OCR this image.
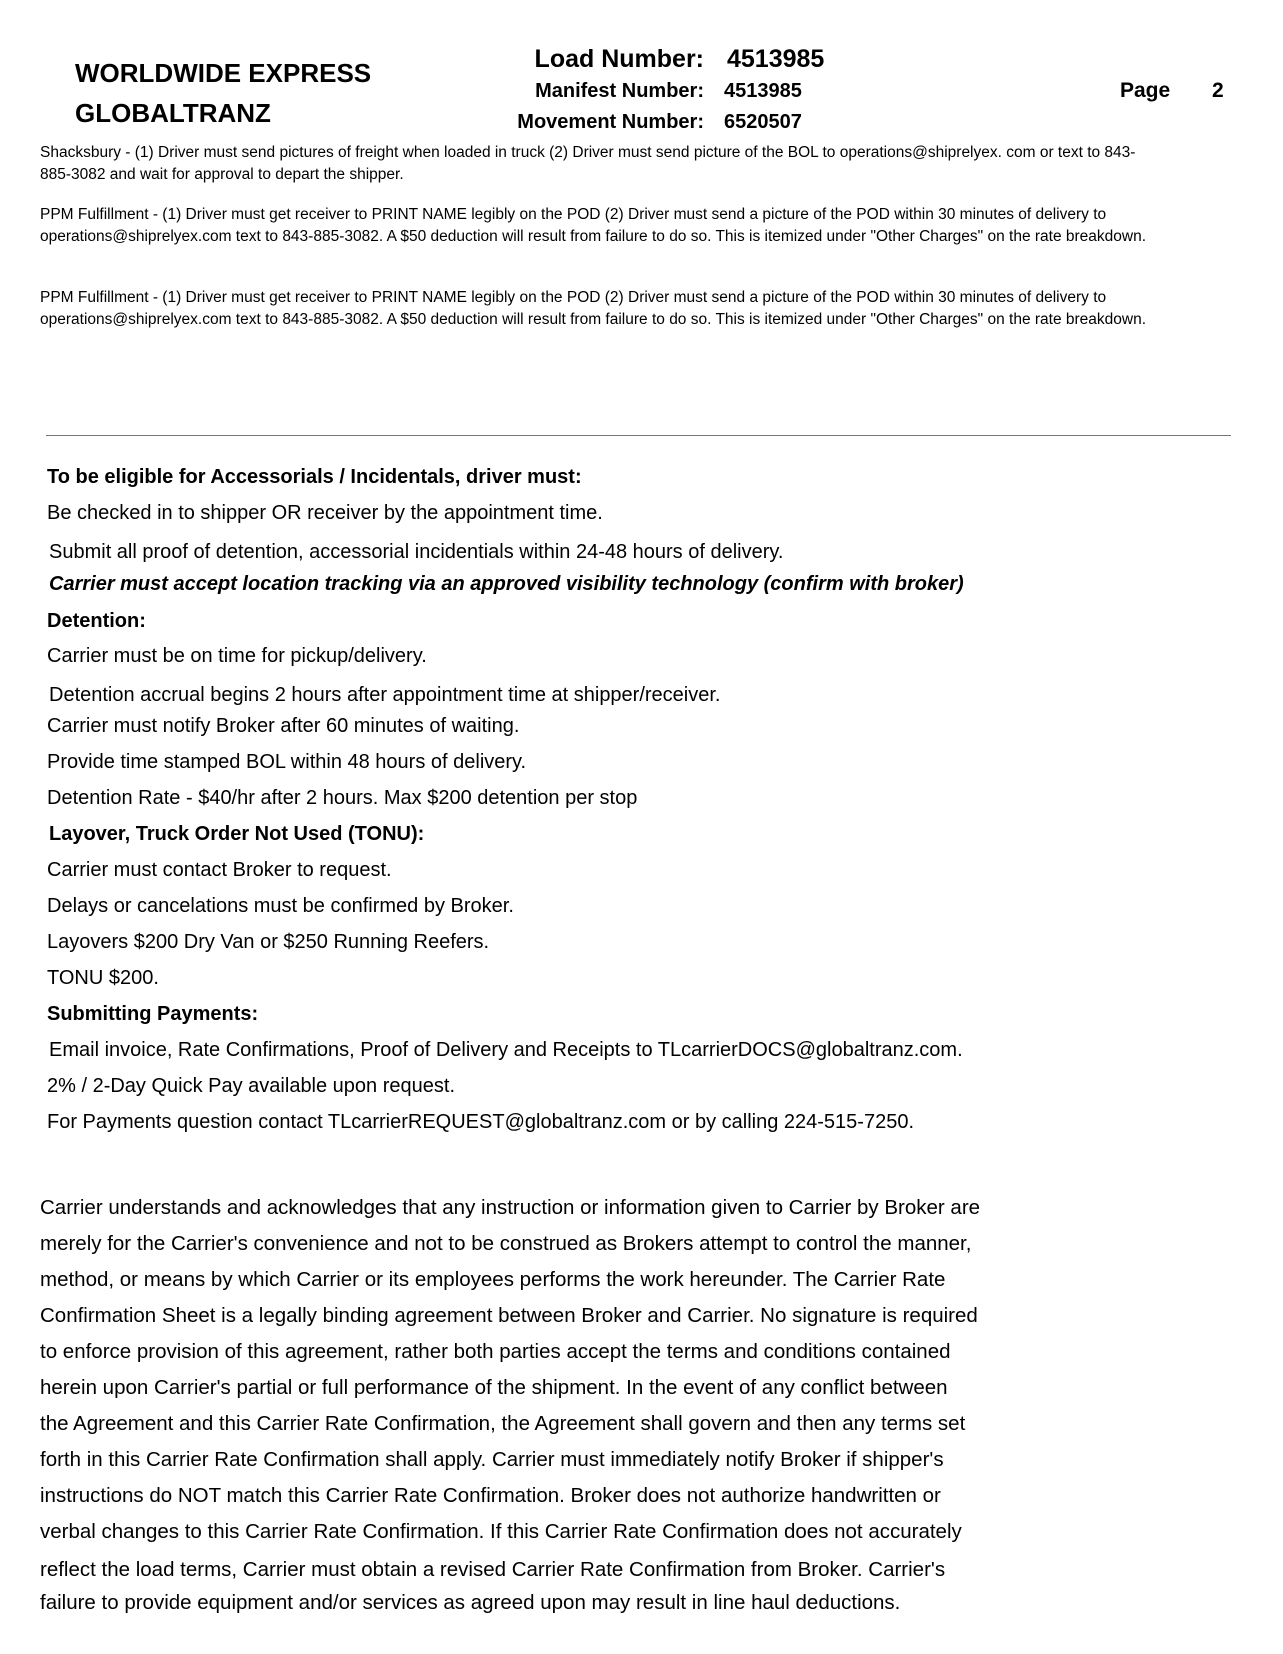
WORLDWIDE EXPRESS
GLOBALTRANZ
Load Number: 4513985
Manifest Number: 4513985
Movement Number: 6520507
Page 2
Shacksbury - (1) Driver must send pictures of freight when loaded in truck (2) Driver must send picture of the BOL to operations@shiprelyex. com or text to 843-885-3082 and wait for approval to depart the shipper.
PPM Fulfillment - (1) Driver must get receiver to PRINT NAME legibly on the POD (2) Driver must send a picture of the POD within 30 minutes of delivery to operations@shiprelyex.com text to 843-885-3082. A $50 deduction will result from failure to do so. This is itemized under "Other Charges" on the rate breakdown.
PPM Fulfillment - (1) Driver must get receiver to PRINT NAME legibly on the POD (2) Driver must send a picture of the POD within 30 minutes of delivery to operations@shiprelyex.com text to 843-885-3082. A $50 deduction will result from failure to do so. This is itemized under "Other Charges" on the rate breakdown.
To be eligible for Accessorials / Incidentals, driver must:
Be checked in to shipper OR receiver by the appointment time.
Submit all proof of detention, accessorial incidentials within 24-48 hours of delivery.
Carrier must accept location tracking via an approved visibility technology (confirm with broker)
Detention:
Carrier must be on time for pickup/delivery.
Detention accrual begins 2 hours after appointment time at shipper/receiver.
Carrier must notify Broker after 60 minutes of waiting.
Provide time stamped BOL within 48 hours of delivery.
Detention Rate - $40/hr after 2 hours. Max $200 detention per stop
Layover, Truck Order Not Used (TONU):
Carrier must contact Broker to request.
Delays or cancelations must be confirmed by Broker.
Layovers $200 Dry Van or $250 Running Reefers.
TONU $200.
Submitting Payments:
Email invoice, Rate Confirmations, Proof of Delivery and Receipts to TLcarrierDOCS@globaltranz.com.
2% / 2-Day Quick Pay available upon request.
For Payments question contact TLcarrierREQUEST@globaltranz.com or by calling 224-515-7250.
Carrier understands and acknowledges that any instruction or information given to Carrier by Broker are
merely for the Carrier's convenience and not to be construed as Brokers attempt to control the manner,
method, or means by which Carrier or its employees performs the work hereunder. The Carrier Rate
Confirmation Sheet is a legally binding agreement between Broker and Carrier. No signature is required
to enforce provision of this agreement, rather both parties accept the terms and conditions contained
herein upon Carrier's partial or full performance of the shipment. In the event of any conflict between
the Agreement and this Carrier Rate Confirmation, the Agreement shall govern and then any terms set
forth in this Carrier Rate Confirmation shall apply. Carrier must immediately notify Broker if shipper's
instructions do NOT match this Carrier Rate Confirmation. Broker does not authorize handwritten or
verbal changes to this Carrier Rate Confirmation. If this Carrier Rate Confirmation does not accurately
reflect the load terms, Carrier must obtain a revised Carrier Rate Confirmation from Broker. Carrier's
failure to provide equipment and/or services as agreed upon may result in line haul deductions.
